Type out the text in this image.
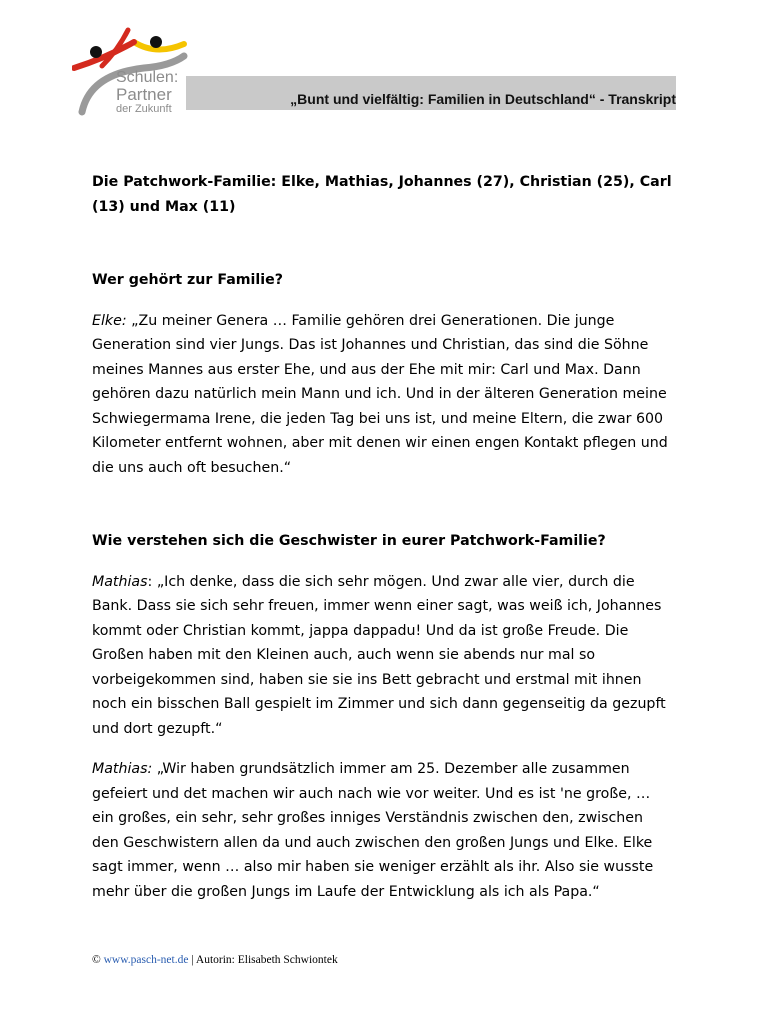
Schulen:
Partner
der Zukunft
„Bunt und vielfältig: Familien in Deutschland“ - Transkript

Die Patchwork-Familie: Elke, Mathias, Johannes (27), Christian (25), Carl (13) und Max (11)

Wer gehört zur Familie?

Elke: „Zu meiner Genera … Familie gehören drei Generationen. Die junge Generation sind vier Jungs. Das ist Johannes und Christian, das sind die Söhne meines Mannes aus erster Ehe, und aus der Ehe mit mir: Carl und Max. Dann gehören dazu natürlich mein Mann und ich. Und in der älteren Generation meine Schwiegermama Irene, die jeden Tag bei uns ist, und meine Eltern, die zwar 600 Kilometer entfernt wohnen, aber mit denen wir einen engen Kontakt pflegen und die uns auch oft besuchen.“

Wie verstehen sich die Geschwister in eurer Patchwork-Familie?

Mathias: „Ich denke, dass die sich sehr mögen. Und zwar alle vier, durch die Bank. Dass sie sich sehr freuen, immer wenn einer sagt, was weiß ich, Johannes kommt oder Christian kommt, jappa dappadu! Und da ist große Freude. Die Großen haben mit den Kleinen auch, auch wenn sie abends nur mal so vorbeigekommen sind, haben sie sie ins Bett gebracht und erstmal mit ihnen noch ein bisschen Ball gespielt im Zimmer und sich dann gegenseitig da gezupft und dort gezupft.“

Mathias: „Wir haben grundsätzlich immer am 25. Dezember alle zusammen gefeiert und det machen wir auch nach wie vor weiter. Und es ist 'ne große, … ein großes, ein sehr, sehr großes inniges Verständnis zwischen den, zwischen den Geschwistern allen da und auch zwischen den großen Jungs und Elke. Elke sagt immer, wenn … also mir haben sie weniger erzählt als ihr. Also sie wusste mehr über die großen Jungs im Laufe der Entwicklung als ich als Papa.“

© www.pasch-net.de | Autorin: Elisabeth Schwiontek
